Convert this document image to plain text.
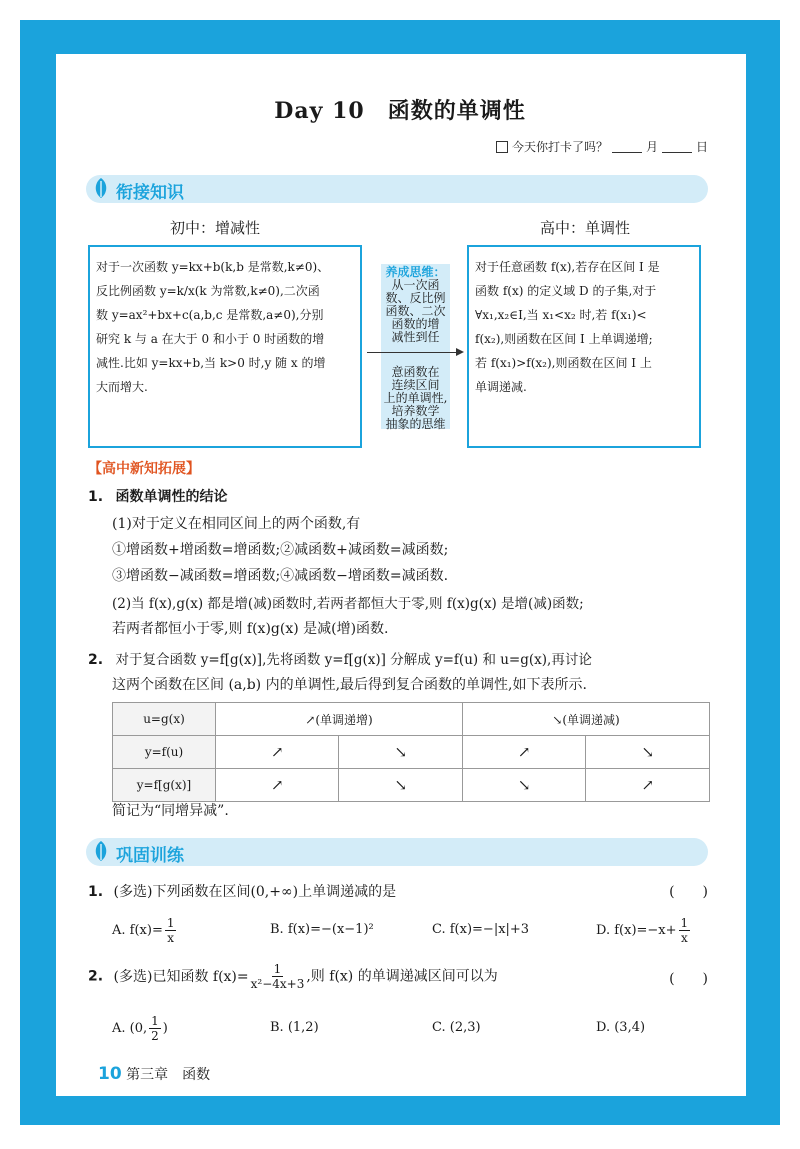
Day 10　函数的单调性
今天你打卡了吗？	月	日
衔接知识
初中：增减性	高中：单调性
对于一次函数 y=kx+b(k,b 是常数,k≠0)、
反比例函数 y=k/x(k 为常数,k≠0),二次函
数 y=ax²+bx+c(a,b,c 是常数,a≠0),分别
研究 k 与 a 在大于 0 和小于 0 时函数的增
减性.比如 y=kx+b,当 k>0 时,y 随 x 的增
大而增大.
养成思维：
从一次函
数、反比例
函数、二次
函数的增
减性到任
意函数在
连续区间
上的单调性,
培养数学
抽象的思维
对于任意函数 f(x),若存在区间 I 是
函数 f(x) 的定义域 D 的子集,对于
∀x₁,x₂∈I,当 x₁<x₂ 时,若 f(x₁)<
f(x₂),则函数在区间 I 上单调递增;
若 f(x₁)>f(x₂),则函数在区间 I 上
单调递减.
【高中新知拓展】
1. 函数单调性的结论
(1)对于定义在相同区间上的两个函数,有
①增函数+增函数=增函数;②减函数+减函数=减函数;
③增函数−减函数=增函数;④减函数−增函数=减函数.
(2)当 f(x),g(x) 都是增(减)函数时,若两者都恒大于零,则 f(x)g(x) 是增(减)函数;
若两者都恒小于零,则 f(x)g(x) 是减(增)函数.
2. 对于复合函数 y=f[g(x)],先将函数 y=f[g(x)] 分解成 y=f(u) 和 u=g(x),再讨论
这两个函数在区间 (a,b) 内的单调性,最后得到复合函数的单调性,如下表所示.
u=g(x)	↗(单调递增)		↘(单调递减)	
y=f(u)	↗	↘	↗	↘
y=f[g(x)]	↗	↘	↘	↗
简记为“同增异减”.
巩固训练
1. (多选)下列函数在区间(0,+∞)上单调递减的是	(　　)
A. $f(x)= \frac{1}{x}$	B. f(x)=−(x−1)²	C. f(x)=−|x|+3	D. $f(x)=-x+ \frac{1}{x}$
2. (多选)已知函数 $f(x)= \frac{1}{\text{x²−4x+3}}$ ,则 f(x) 的单调递减区间可以为	(　　)
A. (0, $\frac{1}{2}$ )	B. (1,2)	C. (2,3)	D. (3,4)
10 第三章　函数
